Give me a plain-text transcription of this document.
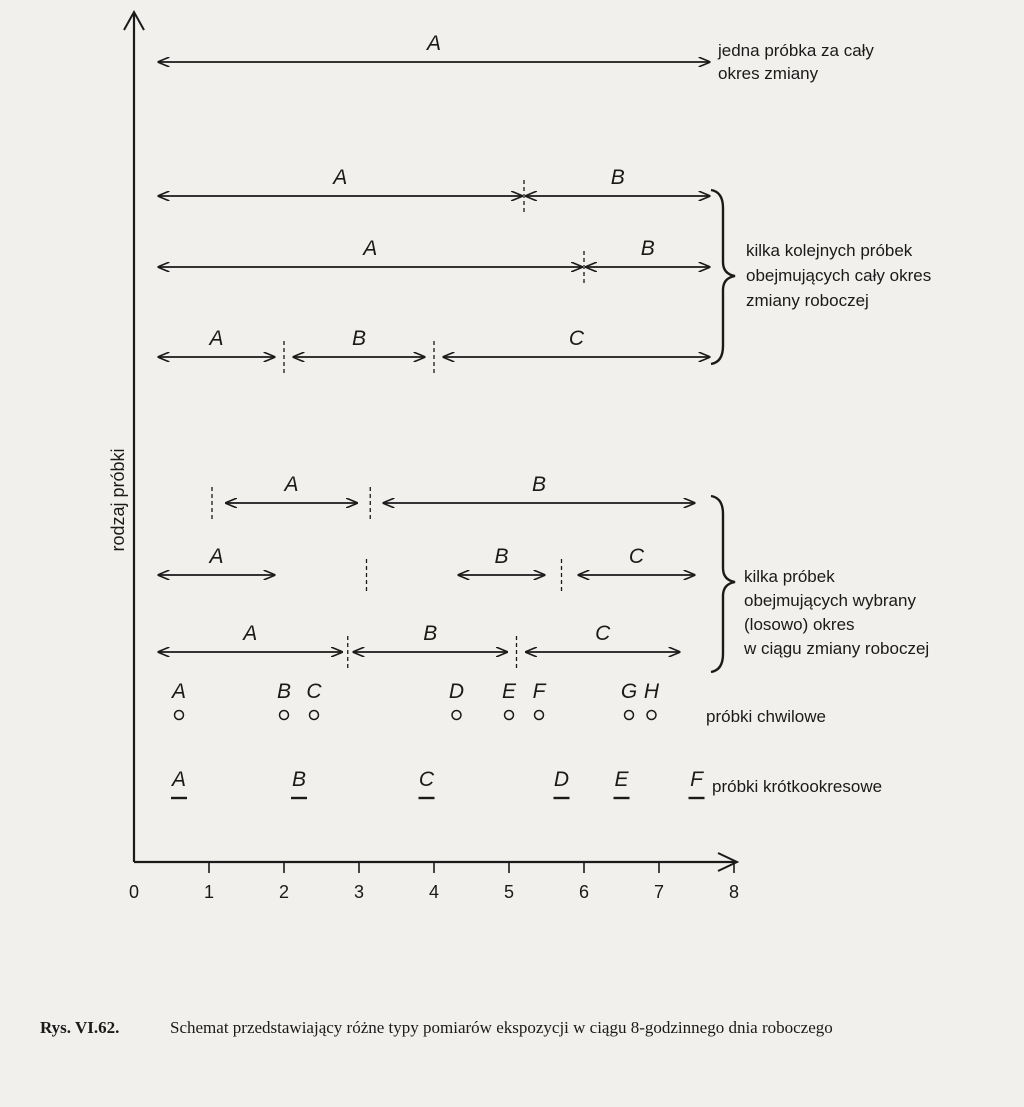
rodzaj próbki
0	1	2	3	4	5	6	7	8
A
A	B
A	B
A	B	C
A	B
A	B	C
A	B	C
A	B C	D E F	G H
A	B	C	D E	F
jedna próbka za cały
okres zmiany
kilka kolejnych próbek
obejmujących cały okres
zmiany roboczej
kilka próbek
obejmujących wybrany
(losowo) okres
w ciągu zmiany roboczej
próbki chwilowe
próbki krótkookresowe
Rys. VI.62.	Schemat przedstawiający różne typy pomiarów ekspozycji w ciągu 8-godzinnego dnia roboczego
